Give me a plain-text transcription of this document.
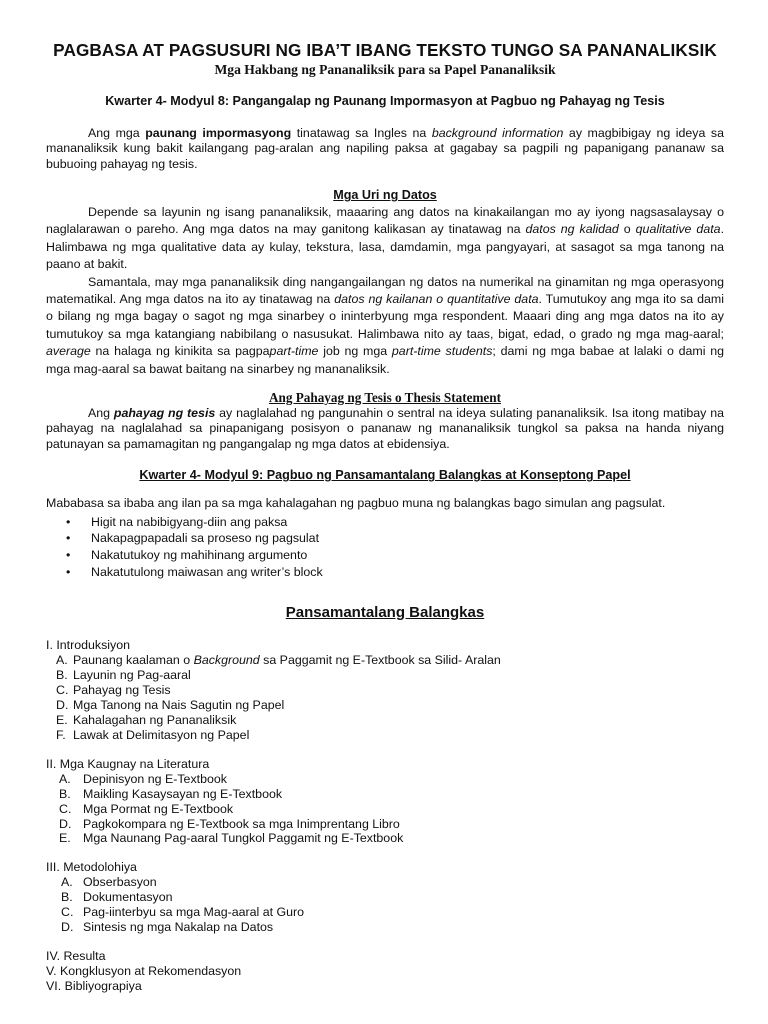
PAGBASA AT PAGSUSURI NG IBA’T IBANG TEKSTO TUNGO SA PANANALIKSIK
Mga Hakbang ng Pananaliksik para sa Papel Pananaliksik
Kwarter 4- Modyul 8: Pangangalap ng Paunang Impormasyon at Pagbuo ng Pahayag ng Tesis

Ang mga paunang impormasyong tinatawag sa Ingles na background information ay magbibigay ng ideya sa mananaliksik kung bakit kailangang pag-aralan ang napiling paksa at gagabay sa pagpili ng papanigang pananaw sa bubuoing pahayag ng tesis.

Mga Uri ng Datos

Depende sa layunin ng isang pananaliksik, maaaring ang datos na kinakailangan mo ay iyong nagsasalaysay o naglalarawan o pareho. Ang mga datos na may ganitong kalikasan ay tinatawag na datos ng kalidad o qualitative data. Halimbawa ng mga qualitative data ay kulay, tekstura, lasa, damdamin, mga pangyayari, at sasagot sa mga tanong na paano at bakit.

Samantala, may mga pananaliksik ding nangangailangan ng datos na numerikal na ginamitan ng mga operasyong matematikal. Ang mga datos na ito ay tinatawag na datos ng kailanan o quantitative data. Tumutukoy ang mga ito sa dami o bilang ng mga bagay o sagot ng mga sinarbey o ininterbyung mga respondent. Maaari ding ang mga datos na ito ay tumutukoy sa mga katangiang nabibilang o nasusukat. Halimbawa nito ay taas, bigat, edad, o grado ng mga mag-aaral; average na halaga ng kinikita sa pagpapart-time job ng mga part-time students; dami ng mga babae at lalaki o dami ng mga mag-aaral sa bawat baitang na sinarbey ng mananaliksik.

Ang Pahayag ng Tesis o Thesis Statement

Ang pahayag ng tesis ay naglalahad ng pangunahin o sentral na ideya sulating pananaliksik. Isa itong matibay na pahayag na naglalahad sa pinapanigang posisyon o pananaw ng mananaliksik tungkol sa paksa na handa niyang patunayan sa pamamagitan ng pangangalap ng mga datos at ebidensiya.

Kwarter 4- Modyul 9: Pagbuo ng Pansamantalang Balangkas at Konseptong Papel

Mababasa sa ibaba ang ilan pa sa mga kahalagahan ng pagbuo muna ng balangkas bago simulan ang pagsulat.

• Higit na nabibigyang-diin ang paksa
• Nakapagpapadali sa proseso ng pagsulat
• Nakatutukoy ng mahihinang argumento
• Nakatutulong maiwasan ang writer’s block
Pansamantalang Balangkas
I. Introduksiyon
A. Paunang kaalaman o Background sa Paggamit ng E-Textbook sa Silid- Aralan
B. Layunin ng Pag-aaral
C. Pahayag ng Tesis
D. Mga Tanong na Nais Sagutin ng Papel
E. Kahalagahan ng Pananaliksik
F. Lawak at Delimitasyon ng Papel
II. Mga Kaugnay na Literatura
A. Depinisyon ng E-Textbook
B. Maikling Kasaysayan ng E-Textbook
C. Mga Pormat ng E-Textbook
D. Pagkokompara ng E-Textbook sa mga Inimprentang Libro
E. Mga Naunang Pag-aaral Tungkol Paggamit ng E-Textbook
III. Metodolohiya
A. Obserbasyon
B. Dokumentasyon
C. Pag-iinterbyu sa mga Mag-aaral at Guro
D. Sintesis ng mga Nakalap na Datos
IV. Resulta
V. Kongklusyon at Rekomendasyon
VI. Bibliyograpiya
